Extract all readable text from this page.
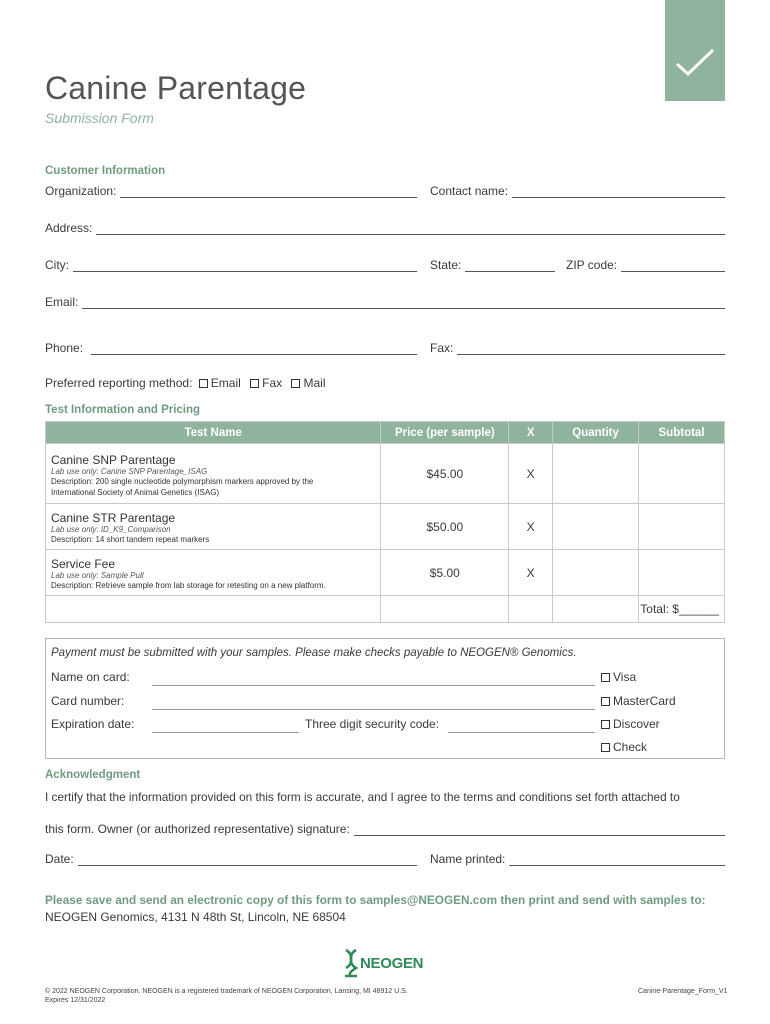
Canine Parentage
Submission Form
Customer Information
Organization:	Contact name:
Address:
City:	State:	ZIP code:
Email:
Phone:	Fax:
Preferred reporting method: Email Fax Mail
Test Information and Pricing
Test Name	Price (per sample)	X	Quantity	Subtotal

Canine SNP Parentage
Lab use only: Canine SNP Parentage_ISAG
Description: 200 single nucleotide polymorphism markers approved by the
International Society of Animal Genetics (ISAG)	$45.00	X		

Canine STR Parentage
Lab use only: ID_K9_Comparison
Description: 14 short tandem repeat markers	$50.00	X		

Service Fee
Lab use only: Sample Pull
Description: Retrieve sample from lab storage for retesting on a new platform.	$5.00	X		
				Total: $______
Payment must be submitted with your samples. Please make checks payable to NEOGEN® Genomics.
Name on card:
Card number:
Expiration date:	Three digit security code:
Visa
MasterCard
Discover
Check
Acknowledgment
I certify that the information provided on this form is accurate, and I agree to the terms and conditions set forth attached to
this form. Owner (or authorized representative) signature:
Date:	Name printed:
Please save and send an electronic copy of this form to samples@NEOGEN.com then print and send with samples to:
NEOGEN Genomics, 4131 N 48th St, Lincoln, NE 68504
NEOGEN
© 2022 NEOGEN Corporation. NEOGEN is a registered trademark of NEOGEN Corporation, Lansing, MI 48912 U.S.
Expires 12/31/2022
Canine-Parentage_Form_V1
